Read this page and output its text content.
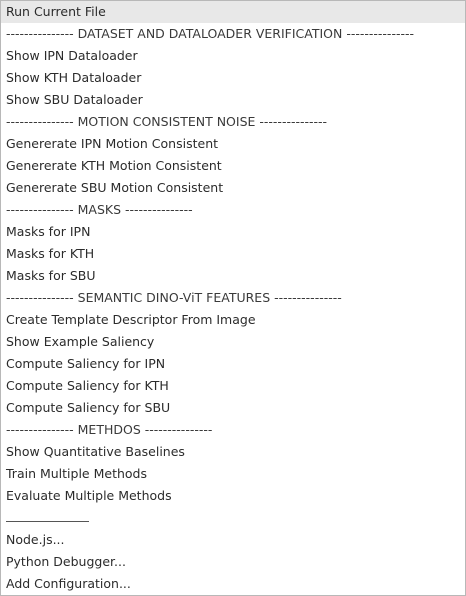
Run Current File
--------------- DATASET AND DATALOADER VERIFICATION ---------------
Show IPN Dataloader
Show KTH Dataloader
Show SBU Dataloader
--------------- MOTION CONSISTENT NOISE ---------------
Genererate IPN Motion Consistent
Genererate KTH Motion Consistent
Genererate SBU Motion Consistent
--------------- MASKS ---------------
Masks for IPN
Masks for KTH
Masks for SBU
--------------- SEMANTIC DINO-ViT FEATURES ---------------
Create Template Descriptor From Image
Show Example Saliency
Compute Saliency for IPN
Compute Saliency for KTH
Compute Saliency for SBU
--------------- METHDOS ---------------
Show Quantitative Baselines
Train Multiple Methods
Evaluate Multiple Methods
Node.js...
Python Debugger...
Add Configuration...
